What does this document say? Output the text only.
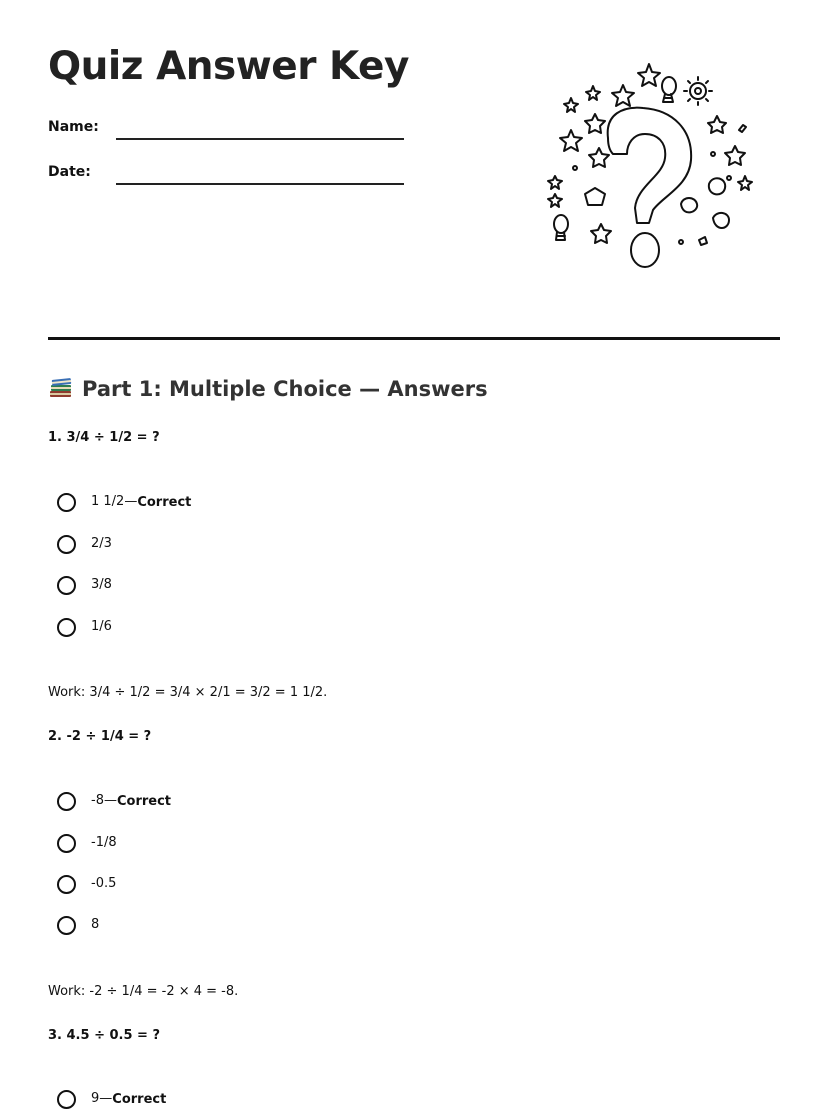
Quiz Answer Key
Name:
Date:
Part 1: Multiple Choice — Answers
1. 3/4 ÷ 1/2 = ?
1 1/2 — Correct
2/3
3/8
1/6
Work: 3/4 ÷ 1/2 = 3/4 × 2/1 = 3/2 = 1 1/2.
2. -2 ÷ 1/4 = ?
-8 — Correct
-1/8
-0.5
8
Work: -2 ÷ 1/4 = -2 × 4 = -8.
3. 4.5 ÷ 0.5 = ?
9 — Correct
